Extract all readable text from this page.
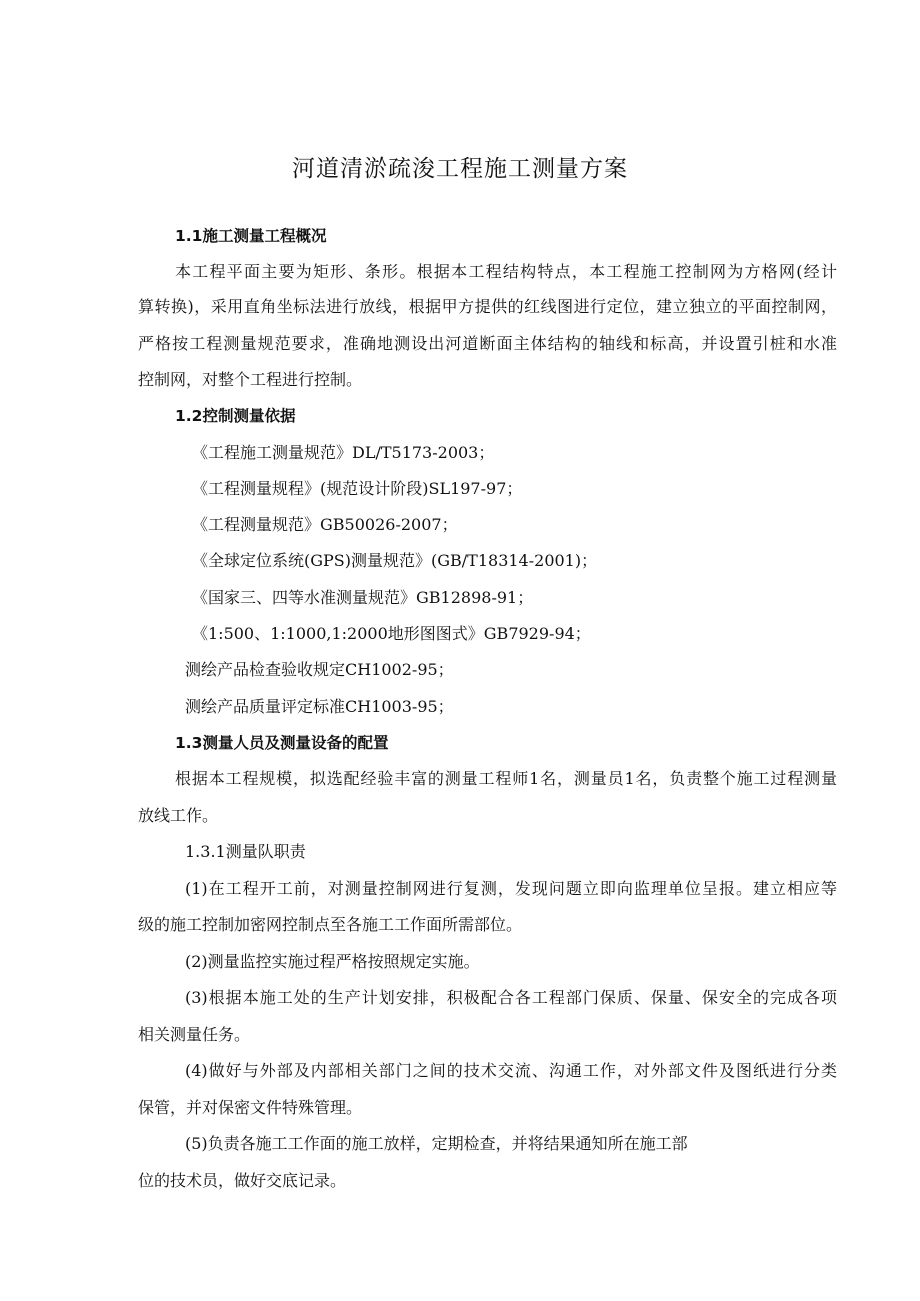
河道清淤疏浚工程施工测量方案
1.1施工测量工程概况
本工程平面主要为矩形、条形。根据本工程结构特点，本工程施工控制网为方格网(经计
算转换)，采用直角坐标法进行放线，根据甲方提供的红线图进行定位，建立独立的平面控制网，
严格按工程测量规范要求，准确地测设出河道断面主体结构的轴线和标高，并设置引桩和水准
控制网，对整个工程进行控制。
1.2控制测量依据
《工程施工测量规范》DL/T5173-2003；
《工程测量规程》(规范设计阶段)SL197-97；
《工程测量规范》GB50026-2007；
《全球定位系统(GPS)测量规范》(GB/T18314-2001)；
《国家三、四等水准测量规范》GB12898-91；
《1:500、1:1000,1:2000地形图图式》GB7929-94；
测绘产品检查验收规定CH1002-95；
测绘产品质量评定标准CH1003-95；
1.3测量人员及测量设备的配置
根据本工程规模，拟选配经验丰富的测量工程师1名，测量员1名，负责整个施工过程测量
放线工作。
1.3.1测量队职责
(1)在工程开工前，对测量控制网进行复测，发现问题立即向监理单位呈报。建立相应等
级的施工控制加密网控制点至各施工工作面所需部位。
(2)测量监控实施过程严格按照规定实施。
(3)根据本施工处的生产计划安排，积极配合各工程部门保质、保量、保安全的完成各项
相关测量任务。
(4)做好与外部及内部相关部门之间的技术交流、沟通工作，对外部文件及图纸进行分类
保管，并对保密文件特殊管理。
(5)负责各施工工作面的施工放样，定期检查，并将结果通知所在施工部
位的技术员，做好交底记录。
